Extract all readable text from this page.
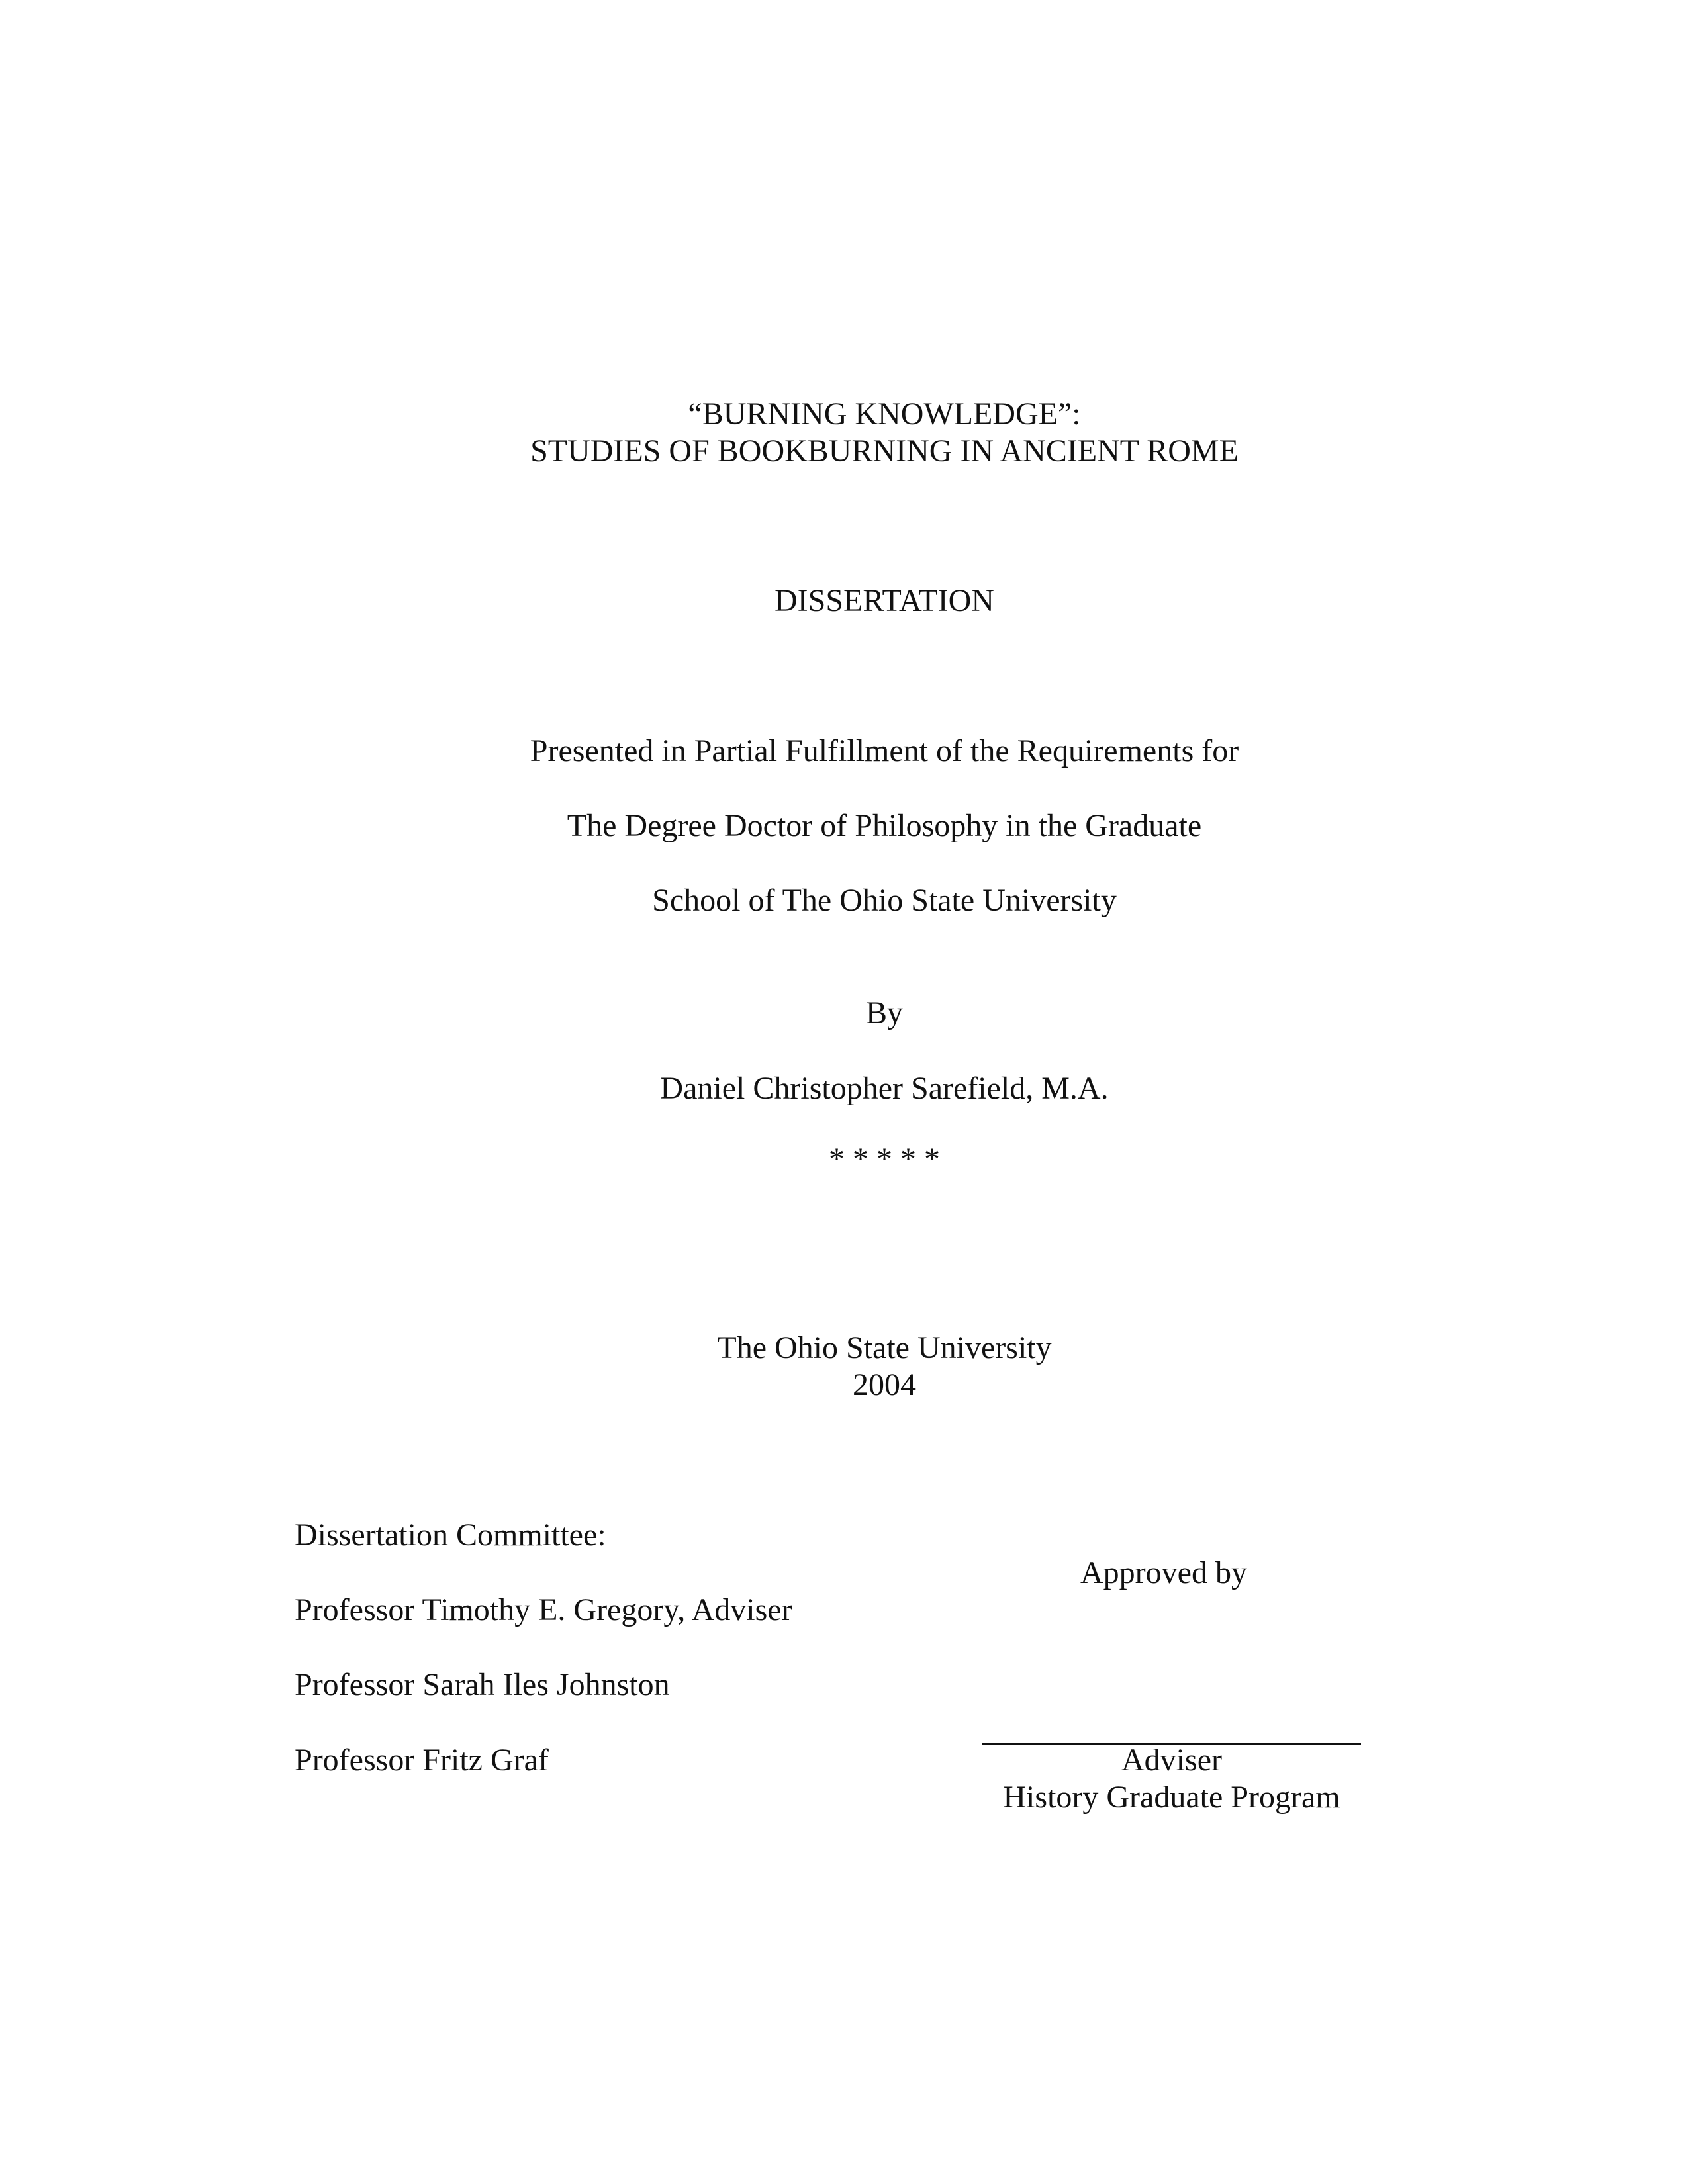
“BURNING KNOWLEDGE”:
STUDIES OF BOOKBURNING IN ANCIENT ROME
DISSERTATION
Presented in Partial Fulfillment of the Requirements for
The Degree Doctor of Philosophy in the Graduate
School of The Ohio State University
By
Daniel Christopher Sarefield, M.A.
* * * * *
The Ohio State University
2004
Dissertation Committee:
Professor Timothy E. Gregory, Adviser
Professor Sarah Iles Johnston
Professor Fritz Graf
Approved by
Adviser
History Graduate Program
